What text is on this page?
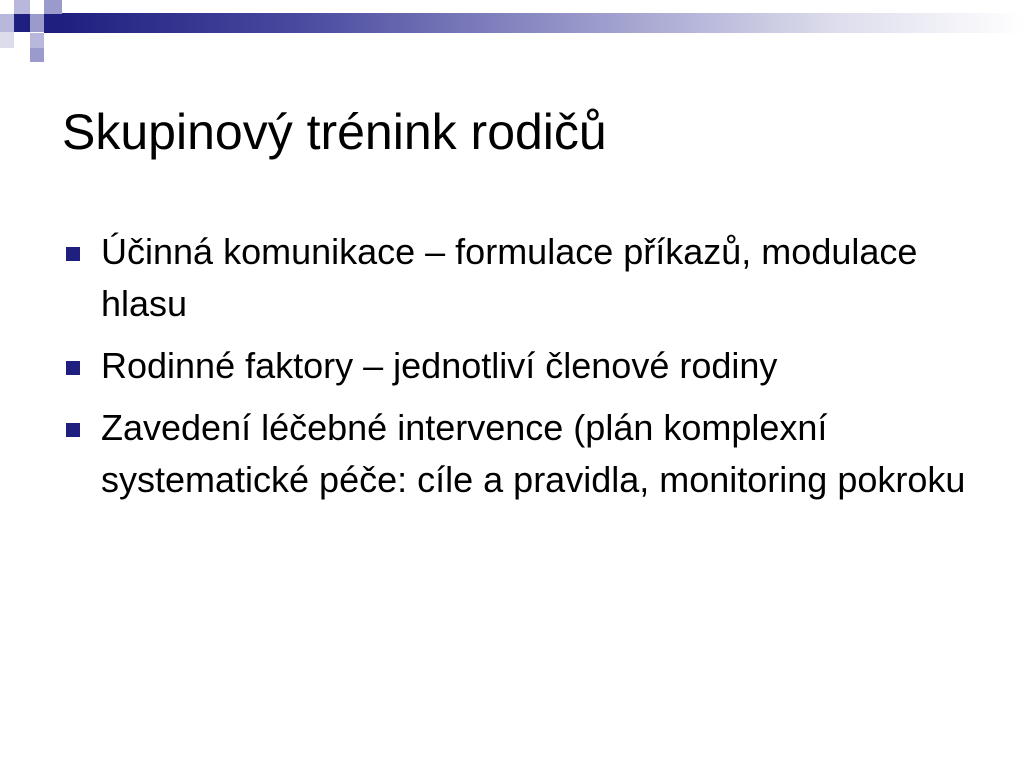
Skupinový trénink rodičů
Účinná komunikace – formulace příkazů, modulace hlasu
Rodinné faktory – jednotliví členové rodiny
Zavedení léčebné intervence (plán komplexní systematické péče: cíle a pravidla, monitoring pokroku
